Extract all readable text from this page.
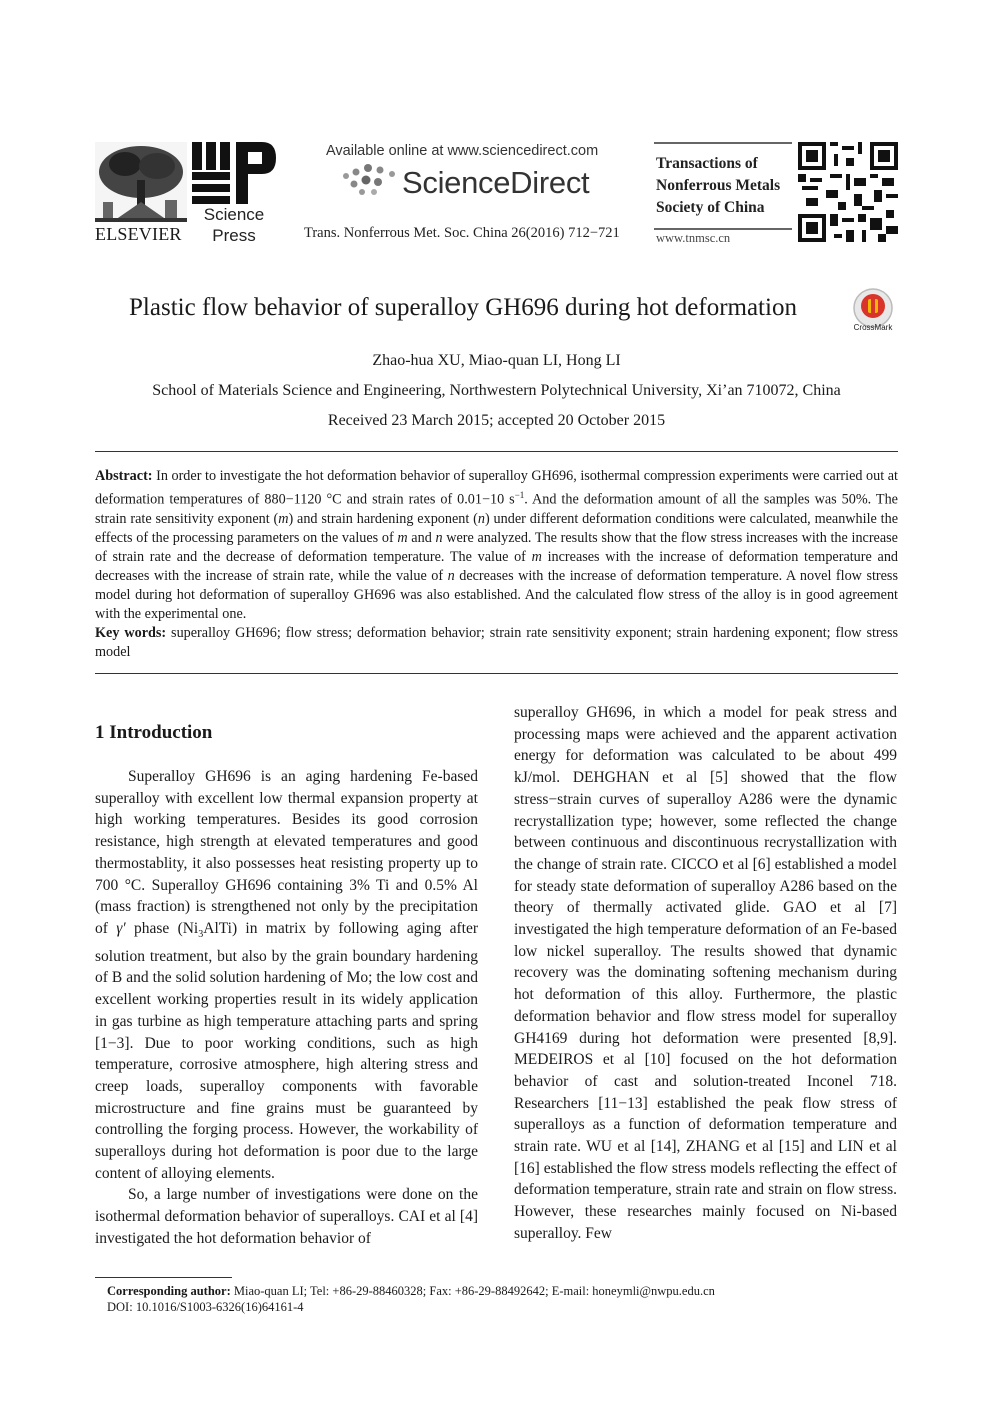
ELSEVIER
Science
Press
Available online at www.sciencedirect.com
ScienceDirect
Trans. Nonferrous Met. Soc. China 26(2016) 712−721
Transactions of
Nonferrous Metals
Society of China
www.tnmsc.cn
Plastic flow behavior of superalloy GH696 during hot deformation
CrossMark
Zhao-hua XU, Miao-quan LI, Hong LI
School of Materials Science and Engineering, Northwestern Polytechnical University, Xi’an 710072, China
Received 23 March 2015; accepted 20 October 2015

Abstract: In order to investigate the hot deformation behavior of superalloy GH696, isothermal compression experiments were carried out at deformation temperatures of 880−1120 °C and strain rates of 0.01−10 $s^{-1}$. And the deformation amount of all the samples was 50%. The strain rate sensitivity exponent (m) and strain hardening exponent (n) under different deformation conditions were calculated, meanwhile the effects of the processing parameters on the values of m and n were analyzed. The results show that the flow stress increases with the increase of strain rate and the decrease of deformation temperature. The value of m increases with the increase of deformation temperature and decreases with the increase of strain rate, while the value of n decreases with the increase of deformation temperature. A novel flow stress model during hot deformation of superalloy GH696 was also established. And the calculated flow stress of the alloy is in good agreement with the experimental one.

Key words: superalloy GH696; flow stress; deformation behavior; strain rate sensitivity exponent; strain hardening exponent; flow stress model

1 Introduction

Superalloy GH696 is an aging hardening Fe-based superalloy with excellent low thermal expansion property at high working temperatures. Besides its good corrosion resistance, high strength at elevated temperatures and good thermostablity, it also possesses heat resisting property up to 700 °C. Superalloy GH696 containing 3% Ti and 0.5% Al (mass fraction) is strengthened not only by the precipitation of γ′ phase $(Ni_3AlTi)$ in matrix by following aging after solution treatment, but also by the grain boundary hardening of B and the solid solution hardening of Mo; the low cost and excellent working properties result in its widely application in gas turbine as high temperature attaching parts and spring [1−3]. Due to poor working conditions, such as high temperature, corrosive atmosphere, high altering stress and creep loads, superalloy components with favorable microstructure and fine grains must be guaranteed by controlling the forging process. However, the workability of superalloys during hot deformation is poor due to the large content of alloying elements.

So, a large number of investigations were done on the isothermal deformation behavior of superalloys. CAI et al [4] investigated the hot deformation behavior of

superalloy GH696, in which a model for peak stress and processing maps were achieved and the apparent activation energy for deformation was calculated to be about 499 kJ/mol. DEHGHAN et al [5] showed that the flow stress−strain curves of superalloy A286 were the dynamic recrystallization type; however, some reflected the change between continuous and discontinuous recrystallization with the change of strain rate. CICCO et al [6] established a model for steady state deformation of superalloy A286 based on the theory of thermally activated glide. GAO et al [7] investigated the high temperature deformation of an Fe-based low nickel superalloy. The results showed that dynamic recovery was the dominating softening mechanism during hot deformation of this alloy. Furthermore, the plastic deformation behavior and flow stress model for superalloy GH4169 during hot deformation were presented [8,9]. MEDEIROS et al [10] focused on the hot deformation behavior of cast and solution-treated Inconel 718. Researchers [11−13] established the peak flow stress of superalloys as a function of deformation temperature and strain rate. WU et al [14], ZHANG et al [15] and LIN et al [16] established the flow stress models reflecting the effect of deformation temperature, strain rate and strain on flow stress. However, these researches mainly focused on Ni-based superalloy. Few

Corresponding author: Miao-quan LI; Tel: +86-29-88460328; Fax: +86-29-88492642; E-mail: honeymli@nwpu.edu.cn
DOI: 10.1016/S1003-6326(16)64161-4
